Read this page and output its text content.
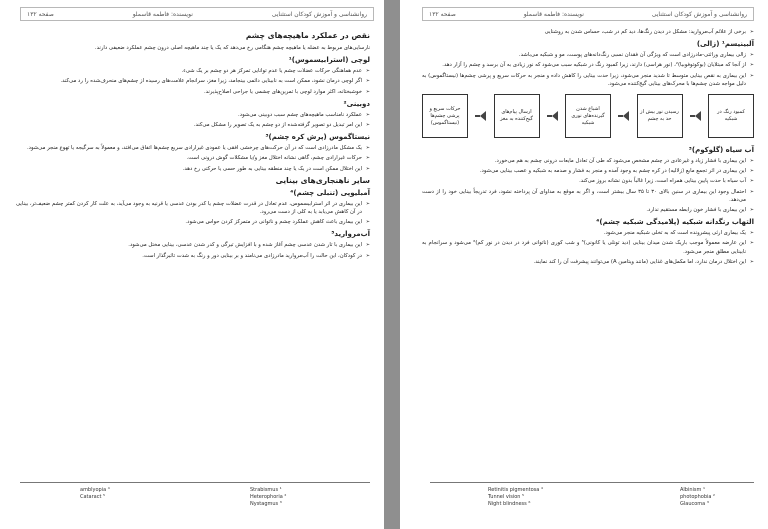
روانشناسی و آموزش کودکان استثنایی
نویسنده: فاطمه قاسملو
صفحه ۱۳۲
نقص در عملکرد ماهیچه‌های چشم
نارسایی‌های مربوط به عضله یا ماهیچه چشم هنگامی رخ می‌دهد که یک یا چند ماهیچه اصلی درون چشم عملکرد ضعیفی دارند.
لوچی (استرابیسموس)¹
➢ عدم هماهنگی حرکات عضلات چشم یا عدم توانایی تمرکز هر دو چشم بر یک شیء.
➢ اگر لوچی درمان نشود، ممکن است به نابینایی دائمی بینجامد، زیرا مغز، سرانجام علامت‌های رسیده از چشم‌های منحرف‌شده را رد می‌کند.
➢ خوشبختانه، اکثر موارد لوچی با تمرین‌های چشمی یا جراحی اصلاح‌پذیرند.
دوبینی²
➢ عملکرد نامناسب ماهیچه‌های چشم سبب دوبینی می‌شود.
➢ این امر تبدیل دو تصویر گرفته‌شده از دو چشم به یک تصویر را مشکل می‌کند.
نیستاگموس (پرش کره چشم)³
➢ یک مشکل مادرزادی است که در آن حرکت‌های چرخشی افقی یا عمودی غیرارادی سریع چشم‌ها اتفاق می‌افتد، و معمولاً به سرگیجه یا تهوع منجر می‌شود.
➢ حرکات غیرارادی چشم، گاهی نشانه اختلال مغز و/یا مشکلات گوش درونی است.
➢ این اختلال ممکن است در یک یا چند منطقه بینایی به طور حسی یا حرکتی رخ دهد.
سایر ناهنجاری‌های بینایی
آمبلیوپی (تنبلی چشم)⁴
➢ این بیماری در اثر استرابیسموس، عدم تعادل در قدرت عضلات چشم یا کدر بودن عدسی یا قرنیه به وجود می‌آید، به علت کار کردن کمتر چشم ضعیف‌تر، بینایی در آن کاهش می‌یابد یا به کلی از دست می‌رود.
➢ این بیماری باعث کاهش عملکرد چشم و ناتوانی در متمرکز کردن حواس می‌شود.
آب‌مروارید⁵
➢ این بیماری با تار شدن عدسی چشم آغاز شده و با افزایش تیرگی و کدر شدن عدسی، بینایی مختل می‌شود.
➢ در کودکان، این حالت را آب‌مروارید مادرزادی می‌نامند و بر بینایی دور و رنگ به شدت تاثیرگذار است.
amblyopia ⁴
Cataract ⁵
Strabismus ¹
Heterophoria ²
Nystagmus ³
روانشناسی و آموزش کودکان استثنایی
نویسنده: فاطمه قاسملو
صفحه ۱۳۲
➢ برخی از علائم آب‌مروارید: مشکل در دیدن رنگ‌ها، دید کم در شب، حساس شدن به روشنایی
آلبینیسم¹ (زالی)
➢ زالی بیماری وراثتی-مادرزادی است که ویژگی آن فقدان نسبی رنگ‌دانه‌های پوست، مو و شبکیه می‌باشد.
➢ از آنجا که مبتلایان (بوکوتوفوبیا)²، (نور هراسی) دارند، زیرا کمبود رنگ در شبکیه سبب می‌شود که نور زیادی به آن برسد و چشم را آزار دهد.
➢ این بیماری به نقص بینایی متوسط تا شدید منجر می‌شود، زیرا حدت بینایی را کاهش داده و منجر به حرکات سریع و پرشی چشم‌ها (نیستاگموس) به دلیل مواجه شدن چشم‌ها با محرک‌های بینایی گیج‌کننده می‌شود.
کمبود رنگ در شبکیه
رسیدن نور بیش از حد به چشم
اشباع شدن گیرنده‌های نوری شبکیه
ارسال پیام‌های گیج‌کننده به مغز
حرکات سریع و پرشی چشم‌ها (نیستاگموس)
آب سیاه (گلوکوم)³
➢ این بیماری با فشار زیاد و غیرعادی در چشم مشخص می‌شود که طی آن تعادل مایعات درونی چشم به هم می‌خورد.
➢ این بیماری در اثر تجمع مایع (زلالیه) در کره چشم به وجود آمده و منجر به فشار و صدمه به شبکیه و عصب بینایی می‌شود.
➢ آب سیاه با حدت پایین بینایی همراه است، زیرا غالباً بدون نشانه بروز می‌کند.
➢ احتمال وجود این بیماری در سنین بالای ۳۰ تا ۳۵ سال بیشتر است، و اگر به موقع به مداوای آن پرداخته نشود، فرد تدریجاً بینایی خود را از دست می‌دهد.
➢ این بیماری با فشار خون رابطه مستقیم ندارد.
التهاب رنگدانه شبکیه (پلامیدگی شبکیه چشم)⁴
➢ یک بیماری ارثی پیشرونده است که به تخلی شبکیه منجر می‌شود.
➢ این عارضه معمولاً موجب باریک شدن میدان بینایی (دید تونلی یا کانونی)⁵ و شب کوری (ناتوانی فرد در دیدن در نور کم)⁶ می‌شود و سرانجام به نابینایی مطلق منجر می‌شود.
➢ این اختلال درمان ندارد، اما مکمل‌های غذایی (مانند ویتامین A) می‌توانند پیشرفت آن را کند نمایند.
Retinitis pigmentosa ⁴
Tunnel vision ⁵
Night blindness ⁶
Albinism ¹
photophobia ²
Glaucoma ³
